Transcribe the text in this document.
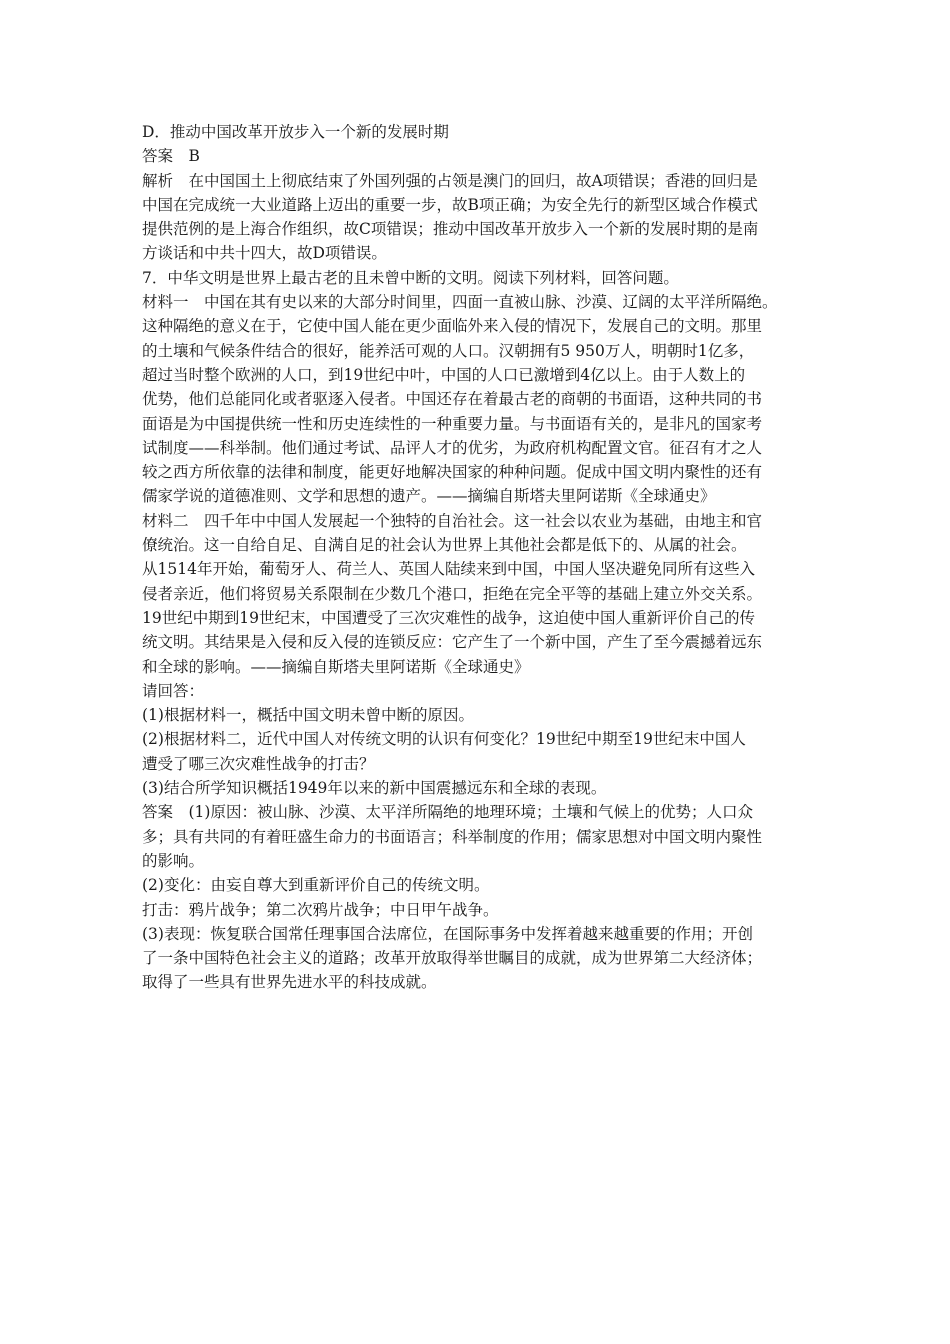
D．推动中国改革开放步入一个新的发展时期
答案　B
解析　在中国国土上彻底结束了外国列强的占领是澳门的回归，故A项错误；香港的回归是
中国在完成统一大业道路上迈出的重要一步，故B项正确；为安全先行的新型区域合作模式
提供范例的是上海合作组织，故C项错误；推动中国改革开放步入一个新的发展时期的是南
方谈话和中共十四大，故D项错误。
7．中华文明是世界上最古老的且未曾中断的文明。阅读下列材料，回答问题。
材料一　中国在其有史以来的大部分时间里，四面一直被山脉、沙漠、辽阔的太平洋所隔绝。
这种隔绝的意义在于，它使中国人能在更少面临外来入侵的情况下，发展自己的文明。那里
的土壤和气候条件结合的很好，能养活可观的人口。汉朝拥有5 950万人，明朝时1亿多，
超过当时整个欧洲的人口，到19世纪中叶，中国的人口已激增到4亿以上。由于人数上的
优势，他们总能同化或者驱逐入侵者。中国还存在着最古老的商朝的书面语，这种共同的书
面语是为中国提供统一性和历史连续性的一种重要力量。与书面语有关的，是非凡的国家考
试制度——科举制。他们通过考试、品评人才的优劣，为政府机构配置文官。征召有才之人
较之西方所依靠的法律和制度，能更好地解决国家的种种问题。促成中国文明内聚性的还有
儒家学说的道德准则、文学和思想的遗产。——摘编自斯塔夫里阿诺斯《全球通史》
材料二　四千年中中国人发展起一个独特的自治社会。这一社会以农业为基础，由地主和官
僚统治。这一自给自足、自满自足的社会认为世界上其他社会都是低下的、从属的社会。
从1514年开始，葡萄牙人、荷兰人、英国人陆续来到中国，中国人坚决避免同所有这些入
侵者亲近，他们将贸易关系限制在少数几个港口，拒绝在完全平等的基础上建立外交关系。
19世纪中期到19世纪末，中国遭受了三次灾难性的战争，这迫使中国人重新评价自己的传
统文明。其结果是入侵和反入侵的连锁反应：它产生了一个新中国，产生了至今震撼着远东
和全球的影响。——摘编自斯塔夫里阿诺斯《全球通史》
请回答：
(1)根据材料一，概括中国文明未曾中断的原因。
(2)根据材料二，近代中国人对传统文明的认识有何变化？19世纪中期至19世纪末中国人
遭受了哪三次灾难性战争的打击？
(3)结合所学知识概括1949年以来的新中国震撼远东和全球的表现。
答案　(1)原因：被山脉、沙漠、太平洋所隔绝的地理环境；土壤和气候上的优势；人口众
多；具有共同的有着旺盛生命力的书面语言；科举制度的作用；儒家思想对中国文明内聚性
的影响。
(2)变化：由妄自尊大到重新评价自己的传统文明。
打击：鸦片战争；第二次鸦片战争；中日甲午战争。
(3)表现：恢复联合国常任理事国合法席位，在国际事务中发挥着越来越重要的作用；开创
了一条中国特色社会主义的道路；改革开放取得举世瞩目的成就，成为世界第二大经济体；
取得了一些具有世界先进水平的科技成就。
